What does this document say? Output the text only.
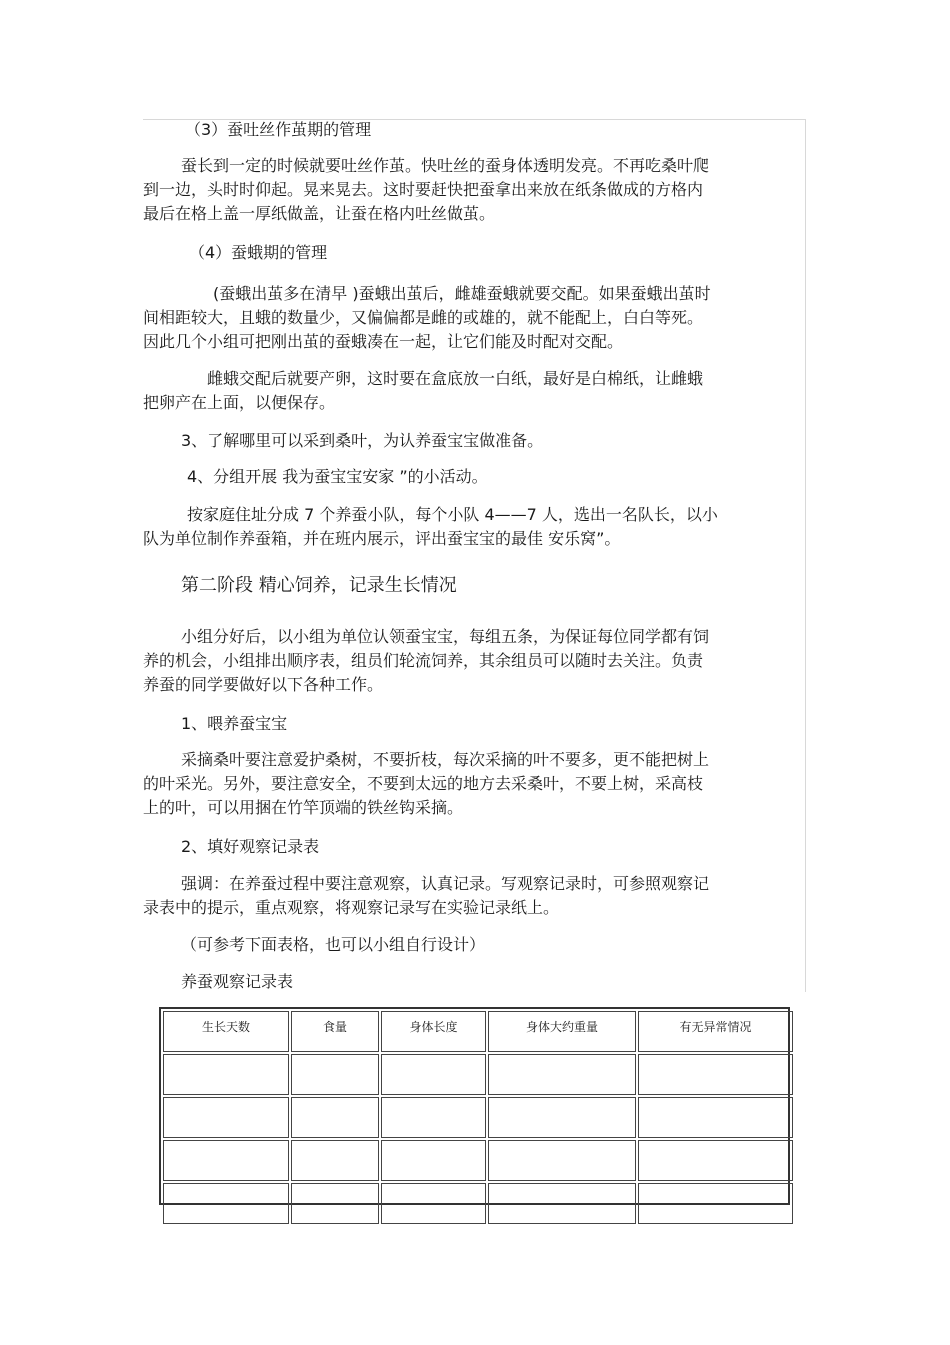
（3）蚕吐丝作茧期的管理
蚕长到一定的时候就要吐丝作茧。快吐丝的蚕身体透明发亮。不再吃桑叶爬
到一边，头时时仰起。晃来晃去。这时要赶快把蚕拿出来放在纸条做成的方格内
最后在格上盖一厚纸做盖，让蚕在格内吐丝做茧。
（4）蚕蛾期的管理
(蚕蛾出茧多在清早 )蚕蛾出茧后，雌雄蚕蛾就要交配。如果蚕蛾出茧时
间相距较大，且蛾的数量少，又偏偏都是雌的或雄的，就不能配上，白白等死。
因此几个小组可把刚出茧的蚕蛾凑在一起，让它们能及时配对交配。
雌蛾交配后就要产卵，这时要在盒底放一白纸，最好是白棉纸，让雌蛾
把卵产在上面，以便保存。
3、了解哪里可以采到桑叶，为认养蚕宝宝做准备。
4、分组开展 我为蚕宝宝安家 ”的小活动。
按家庭住址分成 7 个养蚕小队，每个小队 4——7 人，选出一名队长，以小
队为单位制作养蚕箱，并在班内展示，评出蚕宝宝的最佳 安乐窝”。
第二阶段 精心饲养，记录生长情况
小组分好后，以小组为单位认领蚕宝宝，每组五条，为保证每位同学都有饲
养的机会，小组排出顺序表，组员们轮流饲养，其余组员可以随时去关注。负责
养蚕的同学要做好以下各种工作。
1、喂养蚕宝宝
采摘桑叶要注意爱护桑树，不要折枝，每次采摘的叶不要多，更不能把树上
的叶采光。另外，要注意安全，不要到太远的地方去采桑叶，不要上树，采高枝
上的叶，可以用捆在竹竿顶端的铁丝钩采摘。
2、填好观察记录表
强调：在养蚕过程中要注意观察，认真记录。写观察记录时，可参照观察记
录表中的提示，重点观察，将观察记录写在实验记录纸上。
（可参考下面表格，也可以小组自行设计）
养蚕观察记录表
生长天数	食量	身体长度	身体大约重量	有无异常情况
